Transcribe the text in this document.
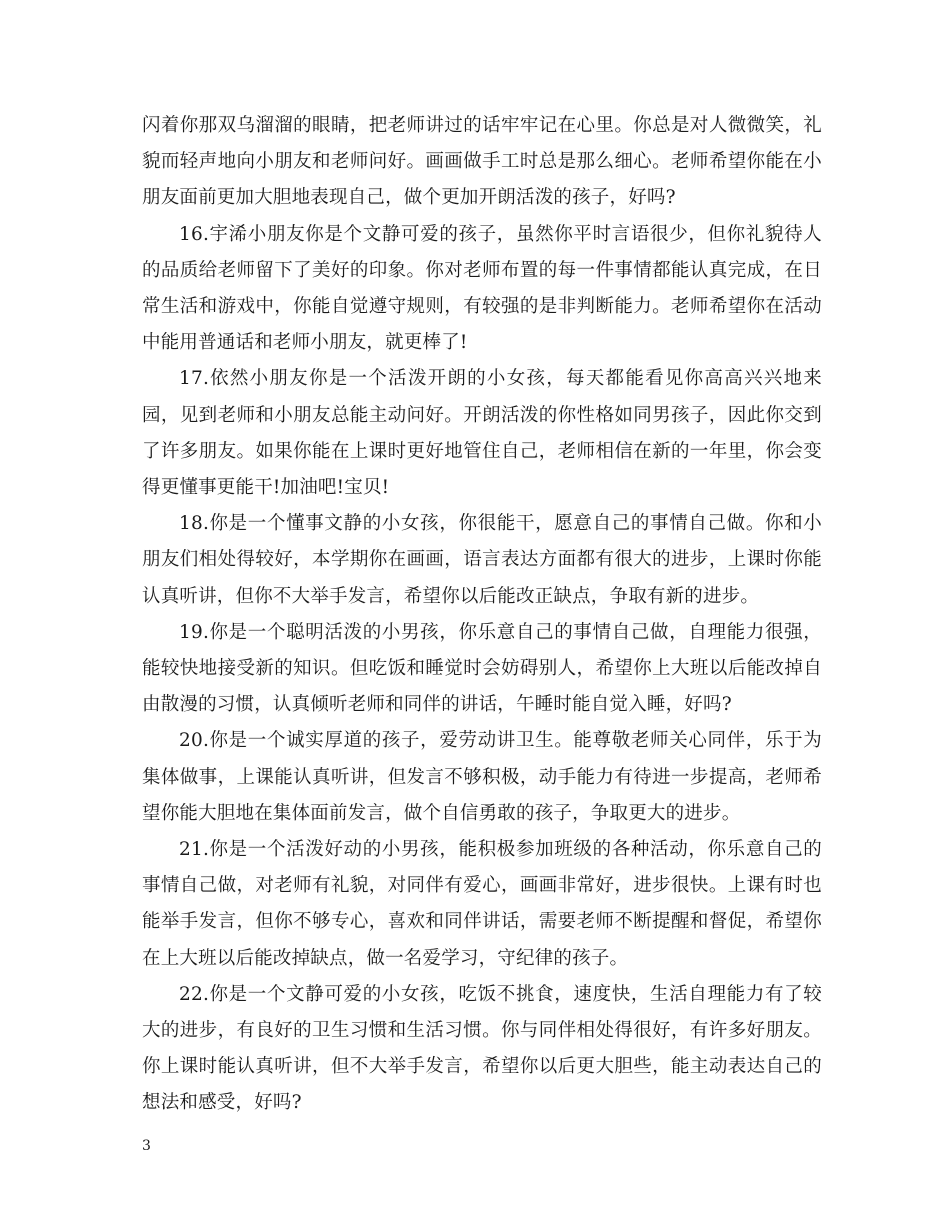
闪着你那双乌溜溜的眼睛，把老师讲过的话牢牢记在心里。你总是对人微微笑，礼貌而轻声地向小朋友和老师问好。画画做手工时总是那么细心。老师希望你能在小朋友面前更加大胆地表现自己，做个更加开朗活泼的孩子，好吗?

16.宇浠小朋友你是个文静可爱的孩子，虽然你平时言语很少，但你礼貌待人的品质给老师留下了美好的印象。你对老师布置的每一件事情都能认真完成，在日常生活和游戏中，你能自觉遵守规则，有较强的是非判断能力。老师希望你在活动中能用普通话和老师小朋友，就更棒了!

17.依然小朋友你是一个活泼开朗的小女孩，每天都能看见你高高兴兴地来园，见到老师和小朋友总能主动问好。开朗活泼的你性格如同男孩子，因此你交到了许多朋友。如果你能在上课时更好地管住自己，老师相信在新的一年里，你会变得更懂事更能干!加油吧!宝贝!

18.你是一个懂事文静的小女孩，你很能干，愿意自己的事情自己做。你和小朋友们相处得较好，本学期你在画画，语言表达方面都有很大的进步，上课时你能认真听讲，但你不大举手发言，希望你以后能改正缺点，争取有新的进步。

19.你是一个聪明活泼的小男孩，你乐意自己的事情自己做，自理能力很强，能较快地接受新的知识。但吃饭和睡觉时会妨碍别人，希望你上大班以后能改掉自由散漫的习惯，认真倾听老师和同伴的讲话，午睡时能自觉入睡，好吗?

20.你是一个诚实厚道的孩子，爱劳动讲卫生。能尊敬老师关心同伴，乐于为集体做事，上课能认真听讲，但发言不够积极，动手能力有待进一步提高，老师希望你能大胆地在集体面前发言，做个自信勇敢的孩子，争取更大的进步。

21.你是一个活泼好动的小男孩，能积极参加班级的各种活动，你乐意自己的事情自己做，对老师有礼貌，对同伴有爱心，画画非常好，进步很快。上课有时也能举手发言，但你不够专心，喜欢和同伴讲话，需要老师不断提醒和督促，希望你在上大班以后能改掉缺点，做一名爱学习，守纪律的孩子。

22.你是一个文静可爱的小女孩，吃饭不挑食，速度快，生活自理能力有了较大的进步，有良好的卫生习惯和生活习惯。你与同伴相处得很好，有许多好朋友。你上课时能认真听讲，但不大举手发言，希望你以后更大胆些，能主动表达自己的想法和感受，好吗?

3
